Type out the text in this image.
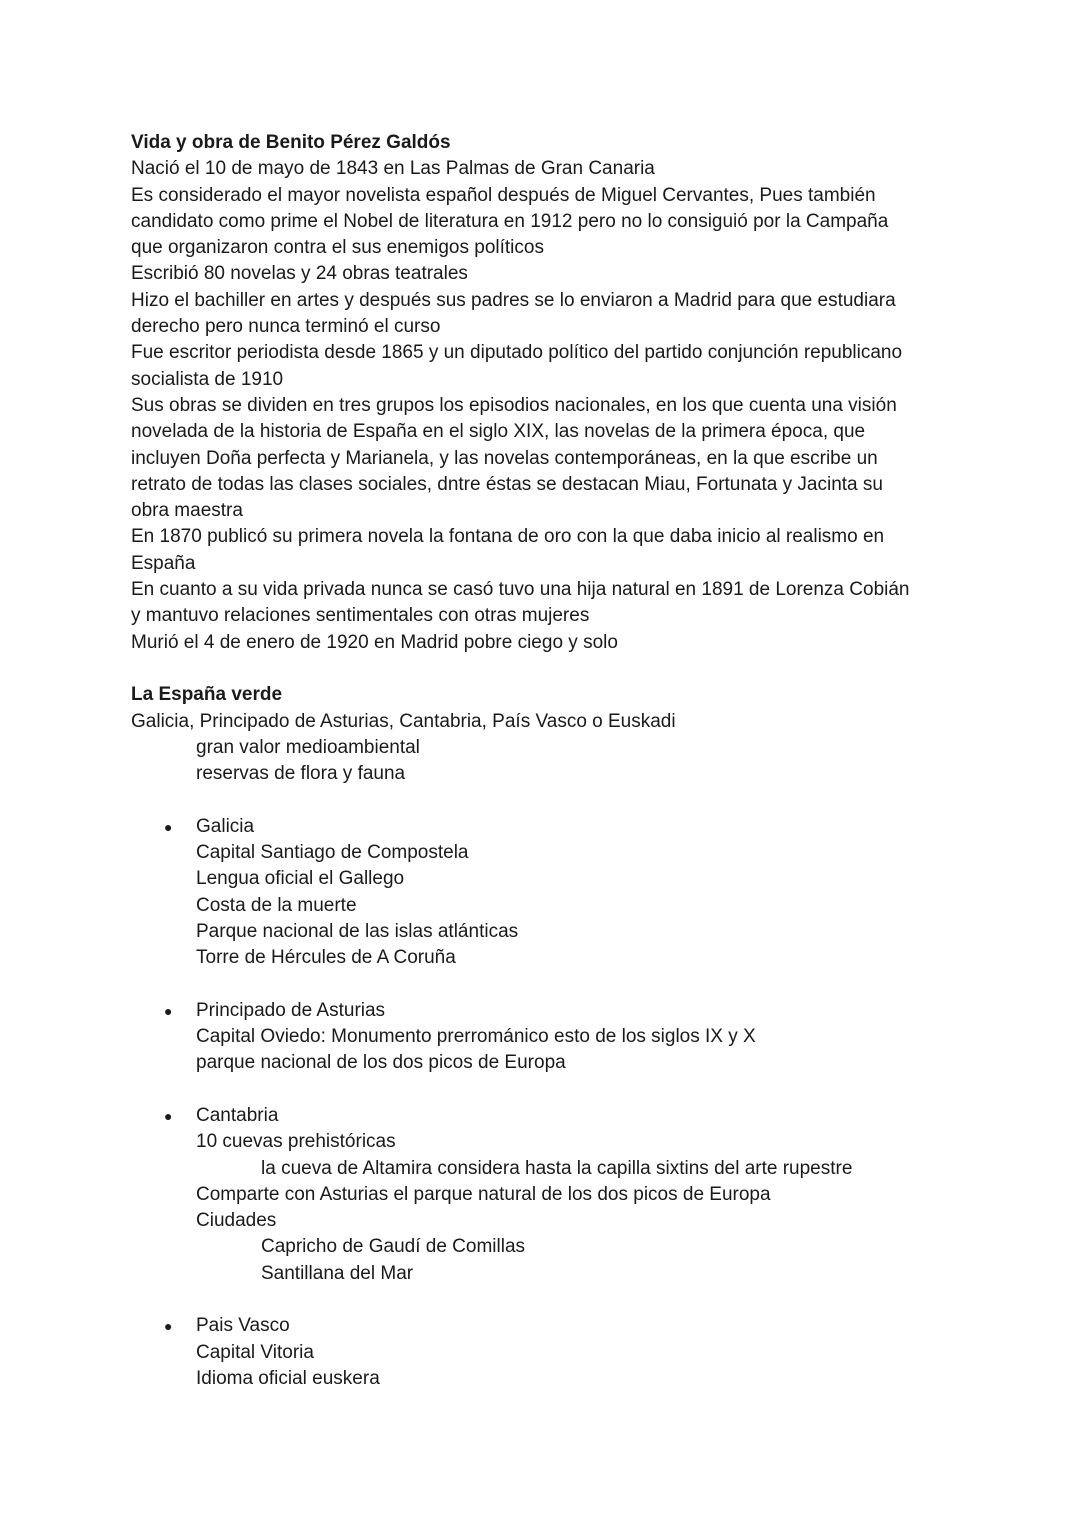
Vida y obra de Benito Pérez Galdós
Nació el 10 de mayo de 1843 en Las Palmas de Gran Canaria
Es considerado el mayor novelista español después de Miguel Cervantes, Pues también
candidato como prime el Nobel de literatura en 1912 pero no lo consiguió por la Campaña
que organizaron contra el sus enemigos políticos
Escribió 80 novelas y 24 obras teatrales
Hizo el bachiller en artes y después sus padres se lo enviaron a Madrid para que estudiara
derecho pero nunca terminó el curso
Fue escritor periodista desde 1865 y un diputado político del partido conjunción republicano
socialista de 1910
Sus obras se dividen en tres grupos los episodios nacionales, en los que cuenta una visión
novelada de la historia de España en el siglo XIX, las novelas de la primera época, que
incluyen Doña perfecta y Marianela, y las novelas contemporáneas, en la que escribe un
retrato de todas las clases sociales, dntre éstas se destacan Miau, Fortunata y Jacinta su
obra maestra
En 1870 publicó su primera novela la fontana de oro con la que daba inicio al realismo en
España
En cuanto a su vida privada nunca se casó tuvo una hija natural en 1891 de Lorenza Cobián
y mantuvo relaciones sentimentales con otras mujeres
Murió el 4 de enero de 1920 en Madrid pobre ciego y solo
La España verde
Galicia, Principado de Asturias, Cantabria, País Vasco o Euskadi
gran valor medioambiental
reservas de flora y fauna
● Galicia
Capital Santiago de Compostela
Lengua oficial el Gallego
Costa de la muerte
Parque nacional de las islas atlánticas
Torre de Hércules de A Coruña
● Principado de Asturias
Capital Oviedo: Monumento prerrománico esto de los siglos IX y X
parque nacional de los dos picos de Europa
● Cantabria
10 cuevas prehistóricas
la cueva de Altamira considera hasta la capilla sixtins del arte rupestre
Comparte con Asturias el parque natural de los dos picos de Europa
Ciudades
Capricho de Gaudí de Comillas
Santillana del Mar
● Pais Vasco
Capital Vitoria
Idioma oficial euskera
